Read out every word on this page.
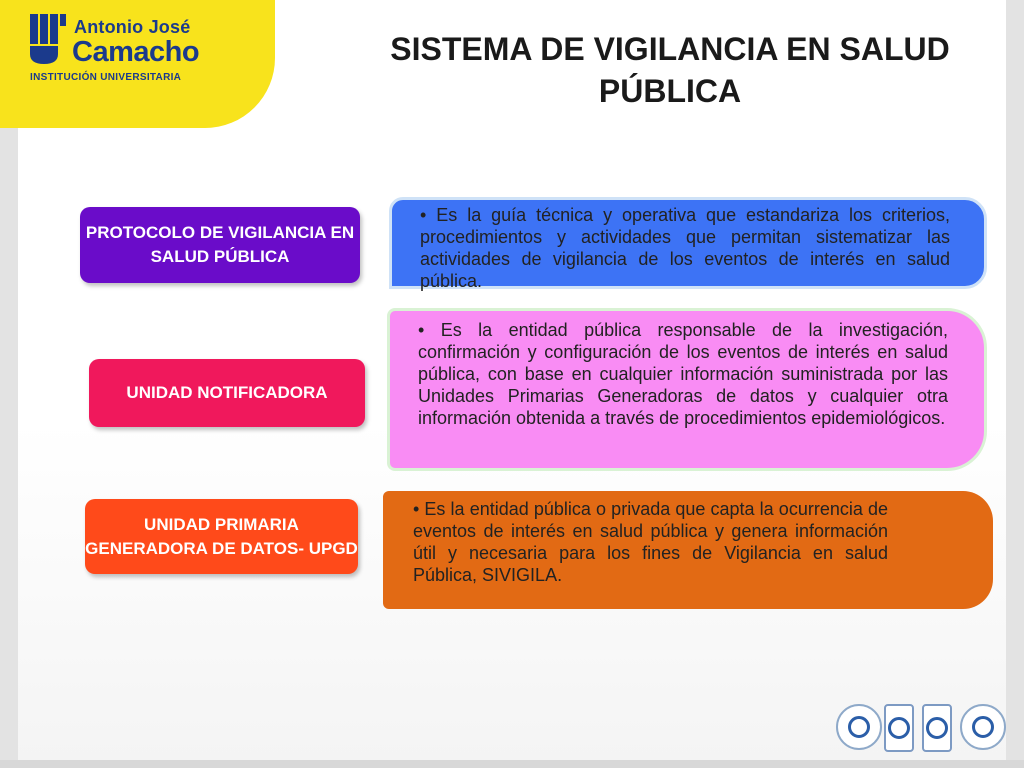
Antonio José
Camacho
INSTITUCIÓN UNIVERSITARIA
SISTEMA DE VIGILANCIA EN SALUD PÚBLICA
PROTOCOLO DE VIGILANCIA EN SALUD PÚBLICA
• Es la guía técnica y operativa que estandariza los criterios, procedimientos y actividades que permitan sistematizar las actividades de vigilancia de los eventos de interés en salud pública.
UNIDAD NOTIFICADORA
• Es la entidad pública responsable de la investigación, confirmación y configuración de los eventos de interés en salud pública, con base en cualquier información suministrada por las Unidades Primarias Generadoras de datos y cualquier otra información obtenida a través de procedimientos epidemiológicos.
UNIDAD PRIMARIA GENERADORA DE DATOS- UPGD
• Es la entidad pública o privada que capta la ocurrencia de eventos de interés en salud pública y genera información útil y necesaria para los fines de Vigilancia en salud Pública, SIVIGILA.
